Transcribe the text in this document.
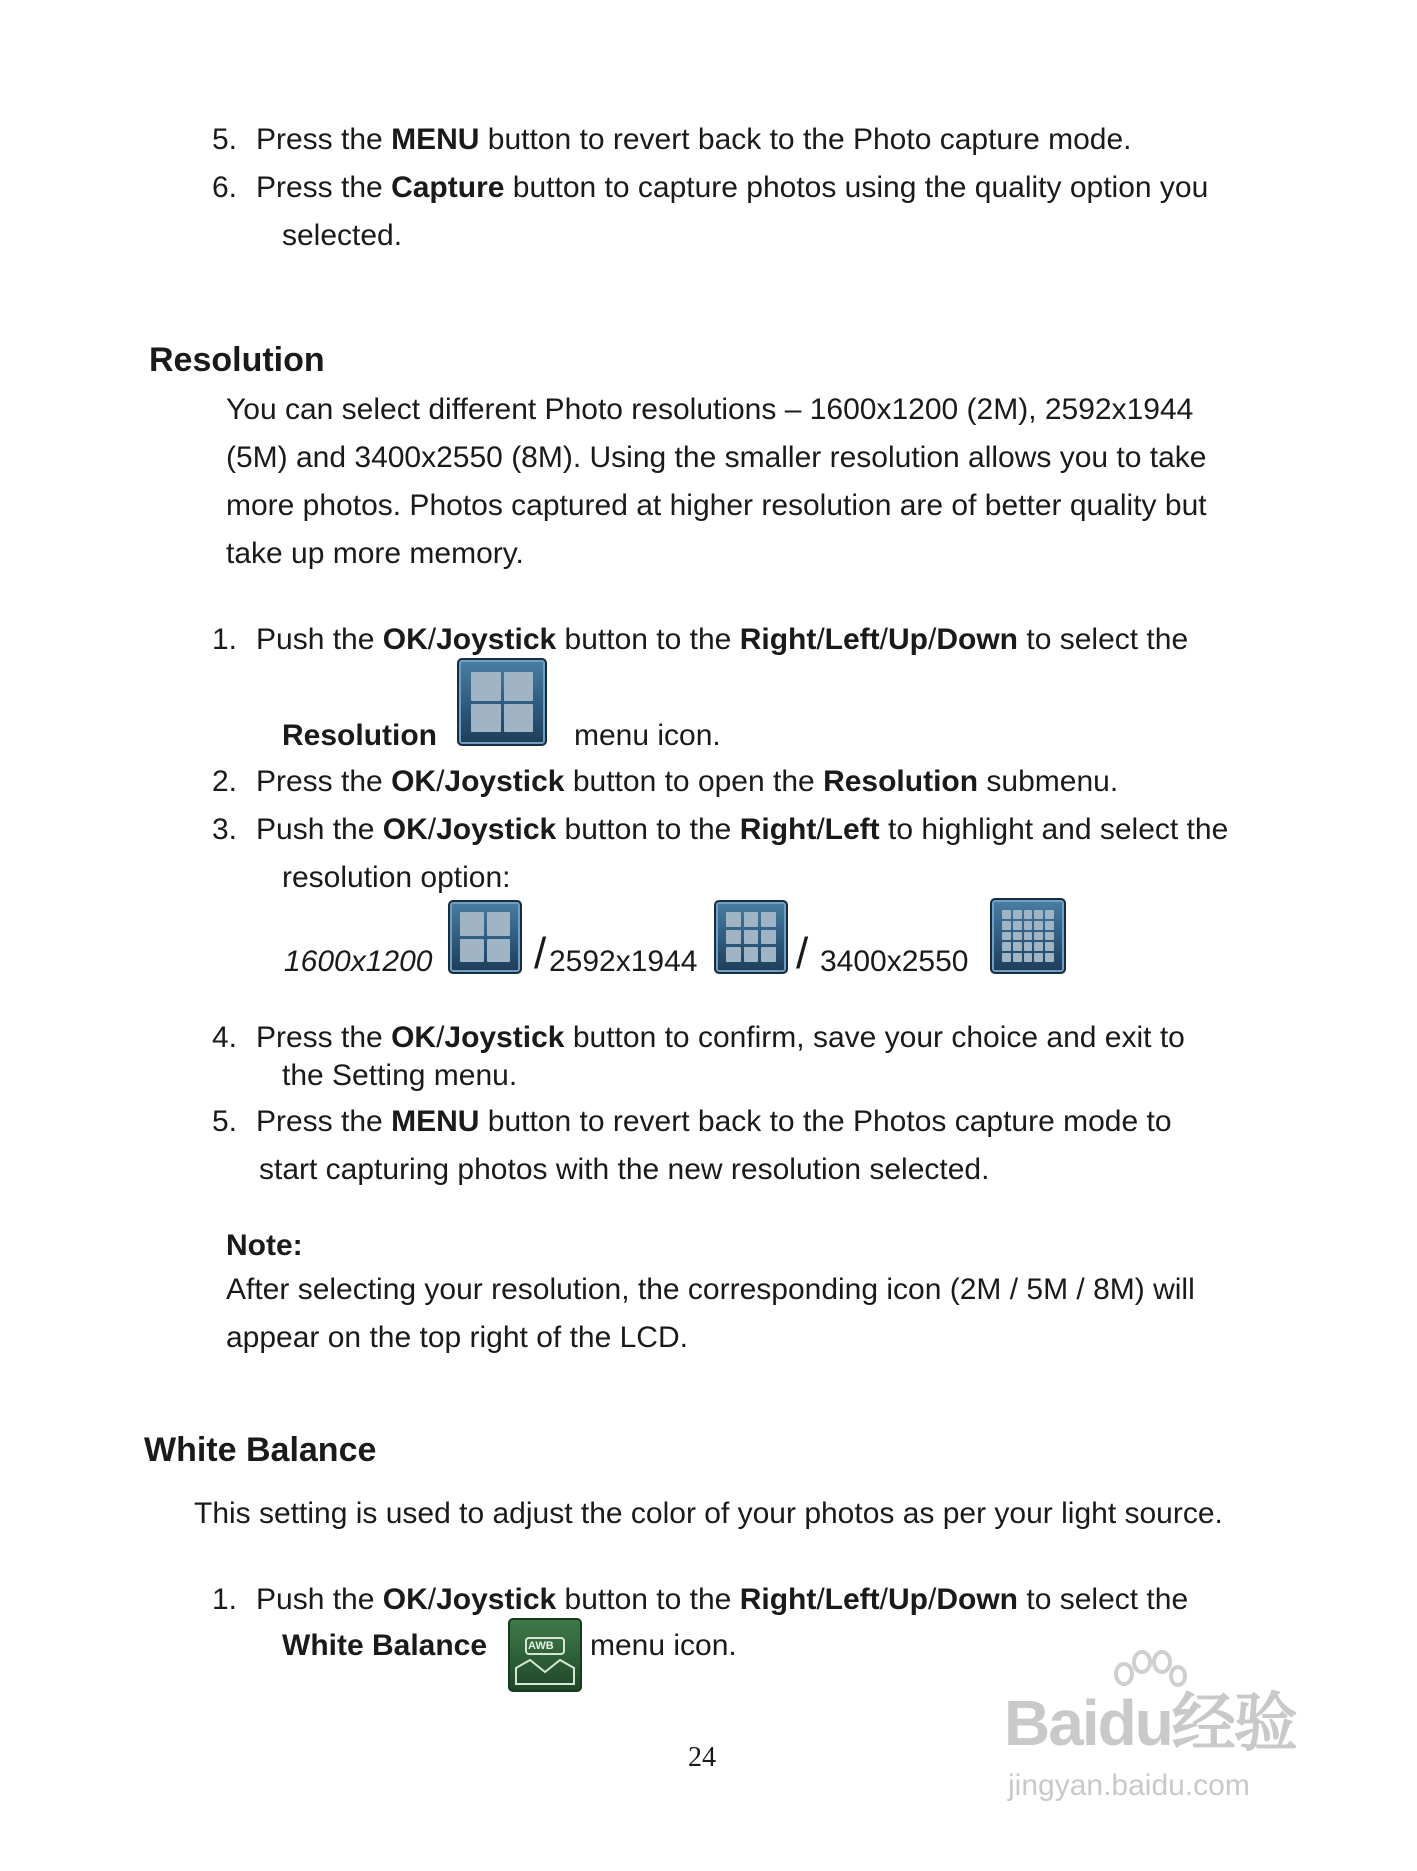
5. Press the MENU button to revert back to the Photo capture mode.
6. Press the Capture button to capture photos using the quality option you
selected.
Resolution
You can select different Photo resolutions – 1600x1200 (2M), 2592x1944
(5M) and 3400x2550 (8M). Using the smaller resolution allows you to take
more photos. Photos captured at higher resolution are of better quality but
take up more memory.
1. Push the OK/Joystick button to the Right/Left/Up/Down to select the
Resolution	menu icon.
2. Press the OK/Joystick button to open the Resolution submenu.
3. Push the OK/Joystick button to the Right/Left to highlight and select the
resolution option:
1600x1200 / 2592x1944 / 3400x2550
4. Press the OK/Joystick button to confirm, save your choice and exit to
the Setting menu.
5. Press the MENU button to revert back to the Photos capture mode to
start capturing photos with the new resolution selected.
Note:
After selecting your resolution, the corresponding icon (2M / 5M / 8M) will
appear on the top right of the LCD.
White Balance
This setting is used to adjust the color of your photos as per your light source.
1. Push the OK/Joystick button to the Right/Left/Up/Down to select the
White Balance	AWB menu icon.
24	Baidu经验
jingyan.baidu.com
